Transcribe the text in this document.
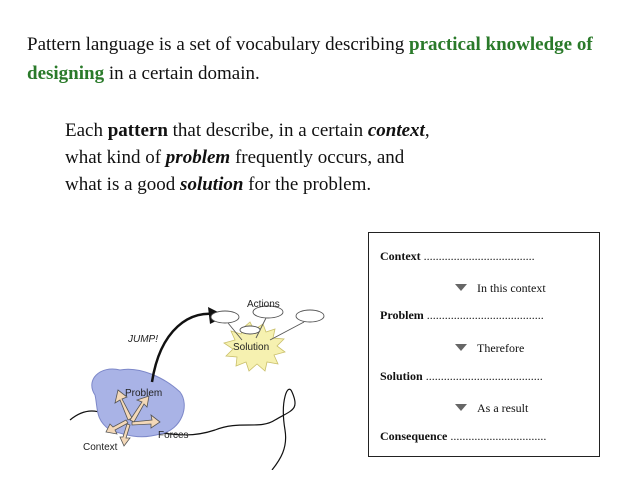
Pattern language is a set of vocabulary describing practical knowledge of designing in a certain domain.
Each pattern that describe, in a certain context,
what kind of problem frequently occurs, and
what is a good solution for the problem.
Actions
JUMP!
Solution
Problem
Forces
Context
Context .....................................
In this context
Problem .......................................
Therefore
Solution .......................................
As a result
Consequence ................................
